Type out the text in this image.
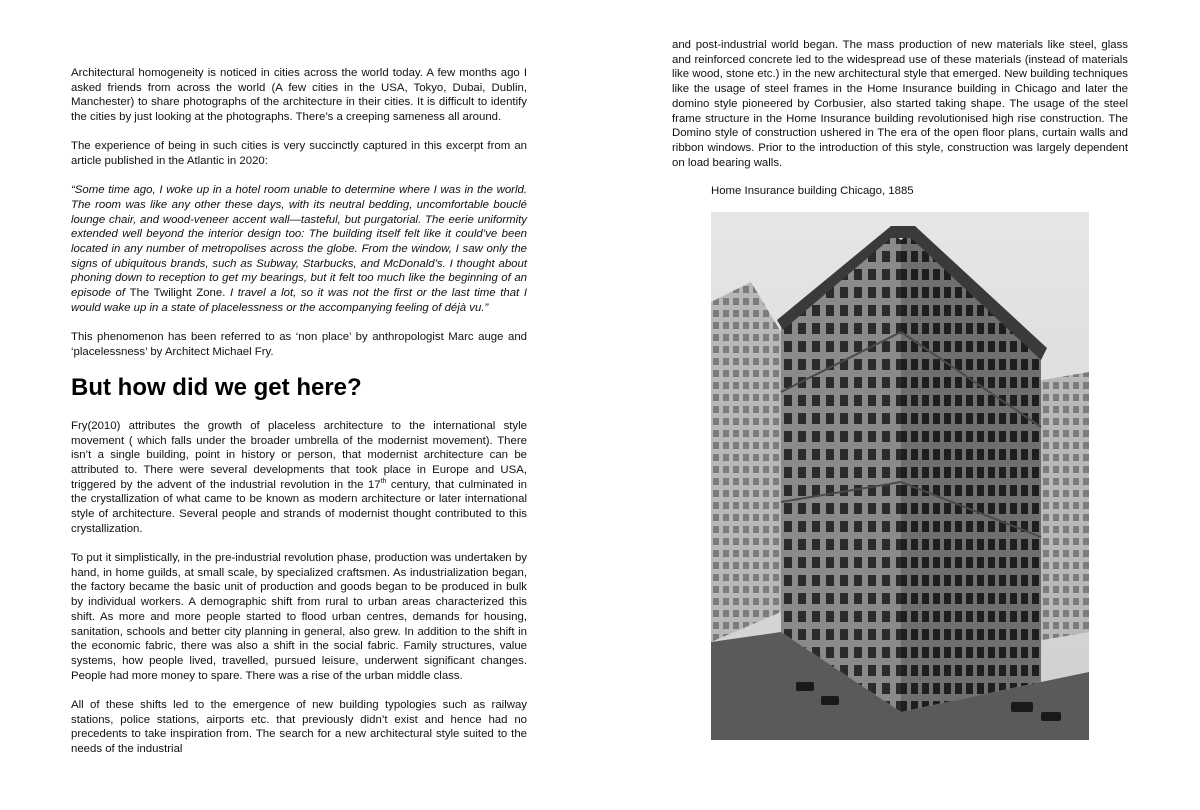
Architectural homogeneity is noticed in cities across the world today. A few months ago I asked friends from across the world (A few cities in the USA, Tokyo, Dubai, Dublin, Manchester) to share photographs of the architecture in their cities. It is difficult to identify the cities by just looking at the photographs. There’s a creeping sameness all around.

The experience of being in such cities is very succinctly captured in this excerpt from an article published in the Atlantic in 2020:

“Some time ago, I woke up in a hotel room unable to determine where I was in the world. The room was like any other these days, with its neutral bedding, uncomfortable bouclé lounge chair, and wood-veneer accent wall—tasteful, but purgatorial. The eerie uniformity extended well beyond the interior design too: The building itself felt like it could’ve been located in any number of metropolises across the globe. From the window, I saw only the signs of ubiquitous brands, such as Subway, Starbucks, and McDonald’s. I thought about phoning down to reception to get my bearings, but it felt too much like the beginning of an episode of The Twilight Zone. I travel a lot, so it was not the first or the last time that I would wake up in a state of placelessness or the accompanying feeling of déjà vu.”

This phenomenon has been referred to as ‘non place’ by anthropologist Marc auge and ‘placelessness’ by Architect Michael Fry.

But how did we get here?

Fry(2010) attributes the growth of placeless architecture to the international style movement ( which falls under the broader umbrella of the modernist movement). There isn’t a single building, point in history or person, that modernist architecture can be attributed to. There were several developments that took place in Europe and USA, triggered by the advent of the industrial revolution in the 17th century, that culminated in the crystallization of what came to be known as modern architecture or later international style of architecture. Several people and strands of modernist thought contributed to this crystallization.

To put it simplistically, in the pre-industrial revolution phase, production was undertaken by hand, in home guilds, at small scale, by specialized craftsmen. As industrialization began, the factory became the basic unit of production and goods began to be produced in bulk by individual workers. A demographic shift from rural to urban areas characterized this shift. As more and more people started to flood urban centres, demands for housing, sanitation, schools and better city planning in general, also grew. In addition to the shift in the economic fabric, there was also a shift in the social fabric. Family structures, value systems, how people lived, travelled, pursued leisure, underwent significant changes. People had more money to spare. There was a rise of the urban middle class.

All of these shifts led to the emergence of new building typologies such as railway stations, police stations, airports etc. that previously didn’t exist and hence had no precedents to take inspiration from. The search for a new architectural style suited to the needs of the industrial

and post-industrial world began. The mass production of new materials like steel, glass and reinforced concrete led to the widespread use of these materials (instead of materials like wood, stone etc.) in the new architectural style that emerged. New building techniques like the usage of steel frames in the Home Insurance building in Chicago and later the domino style pioneered by Corbusier, also started taking shape. The usage of the steel frame structure in the Home Insurance building revolutionised high rise construction. The Domino style of construction ushered in The era of the open floor plans, curtain walls and ribbon windows. Prior to the introduction of this style, construction was largely dependent on load bearing walls.

Home Insurance building Chicago, 1885
